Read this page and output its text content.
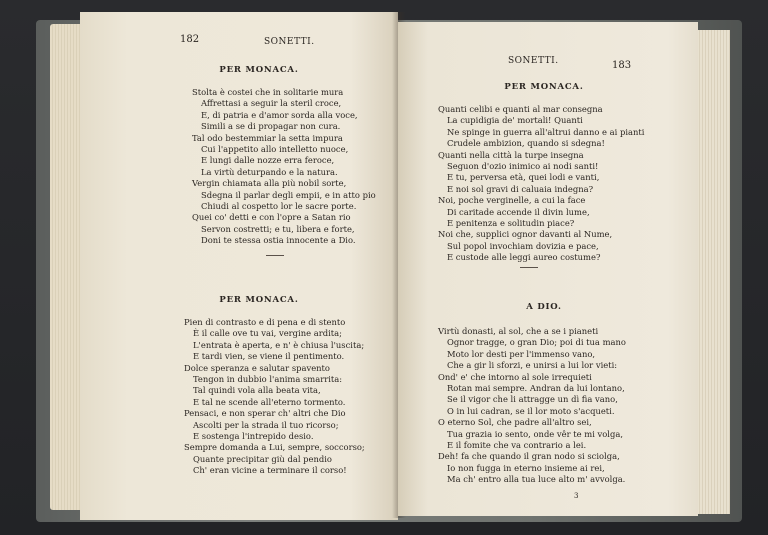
182	SONETTI.
PER MONACA.
Stolta è costei che in solitarie mura
Affrettasi a seguir la steril croce,
E, di patria e d'amor sorda alla voce,
Simili a se di propagar non cura.
Tal odo bestemmiar la setta impura
Cui l'appetito allo intelletto nuoce,
E lungi dalle nozze erra feroce,
La virtù deturpando e la natura.
Vergin chiamata alla più nobil sorte,
Sdegna il parlar degli empii, e in atto pio
Chiudi al cospetto lor le sacre porte.
Quei co' detti e con l'opre a Satan rio
Servon costretti; e tu, libera e forte,
Doni te stessa ostia innocente a Dio.
PER MONACA.
Pien di contrasto e di pena e di stento
È il calle ove tu vai, vergine ardita;
L'entrata è aperta, e n' è chiusa l'uscita;
E tardi vien, se viene il pentimento.
Dolce speranza e salutar spavento
Tengon in dubbio l'anima smarrita:
Tal quindi vola alla beata vita,
E tal ne scende all'eterno tormento.
Pensaci, e non sperar ch' altri che Dio
Ascolti per la strada il tuo ricorso;
E sostenga l'intrepido desio.
Sempre domanda a Lui, sempre, soccorso;
Quante precipitar giù dal pendio
Ch' eran vicine a terminare il corso!
SONETTI.	183
PER MONACA.
Quanti celibi e quanti al mar consegna
La cupidigia de' mortali! Quanti
Ne spinge in guerra all'altrui danno e ai pianti
Crudele ambizion, quando si sdegna!
Quanti nella città la turpe insegna
Seguon d'ozio inimico ai nodi santi!
E tu, perversa età, quei lodi e vanti,
E noi sol gravi di caluaia indegna?
Noi, poche verginelle, a cui la face
Di caritade accende il divin lume,
E penitenza e solitudin piace?
Noi che, supplici ognor davanti al Nume,
Sul popol invochiam dovizia e pace,
E custode alle leggi aureo costume?
A DIO.
Virtù donasti, al sol, che a se i pianeti
Ognor tragge, o gran Dio; poi di tua mano
Moto lor desti per l'immenso vano,
Che a gir li sforzi, e unirsi a lui lor vieti:
Ond' e' che intorno al sole irrequieti
Rotan mai sempre. Andran da lui lontano,
Se il vigor che li attragge un dì fia vano,
O in lui cadran, se il lor moto s'acqueti.
O eterno Sol, che padre all'altro sei,
Tua grazia io sento, onde vêr te mi volga,
E il fomite che va contrario a lei.
Deh! fa che quando il gran nodo si sciolga,
Io non fugga in eterno insieme ai rei,
Ma ch' entro alla tua luce alto m' avvolga.
3
